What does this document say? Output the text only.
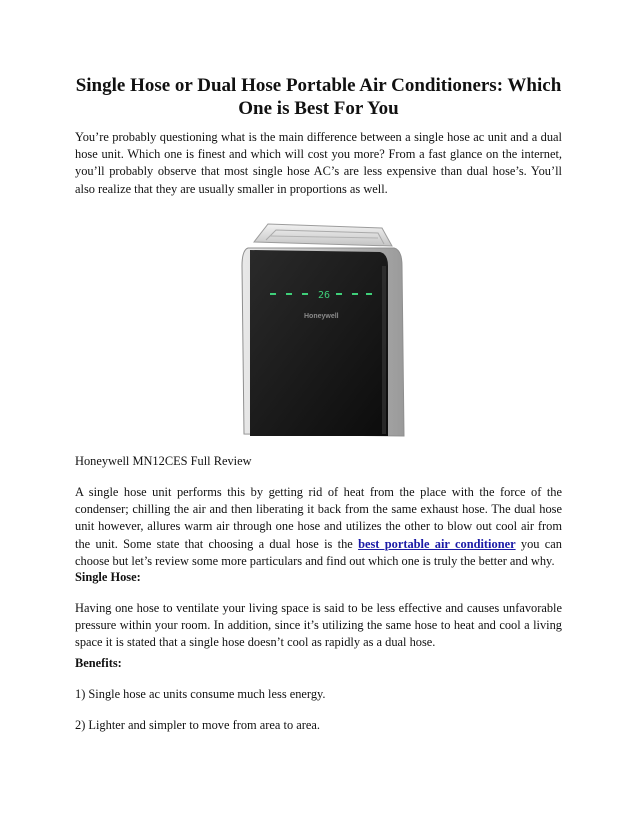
Single Hose or Dual Hose Portable Air Conditioners: Which One is Best For You

You’re probably questioning what is the main difference between a single hose ac unit and a dual hose unit. Which one is finest and which will cost you more? From a fast glance on the internet, you’ll probably observe that most single hose AC’s are less expensive than dual hose’s. You’ll also realize that they are usually smaller in proportions as well.

26
Honeywell

Honeywell MN12CES Full Review

A single hose unit performs this by getting rid of heat from the place with the force of the condenser; chilling the air and then liberating it back from the same exhaust hose. The dual hose unit however, allures warm air through one hose and utilizes the other to blow out cool air from the unit. Some state that choosing a dual hose is the best portable air conditioner you can choose but let’s review some more particulars and find out which one is truly the better and why.

Single Hose:

Having one hose to ventilate your living space is said to be less effective and causes unfavorable pressure within your room. In addition, since it’s utilizing the same hose to heat and cool a living space it is stated that a single hose doesn’t cool as rapidly as a dual hose.

Benefits:

1) Single hose ac units consume much less energy.

2) Lighter and simpler to move from area to area.
